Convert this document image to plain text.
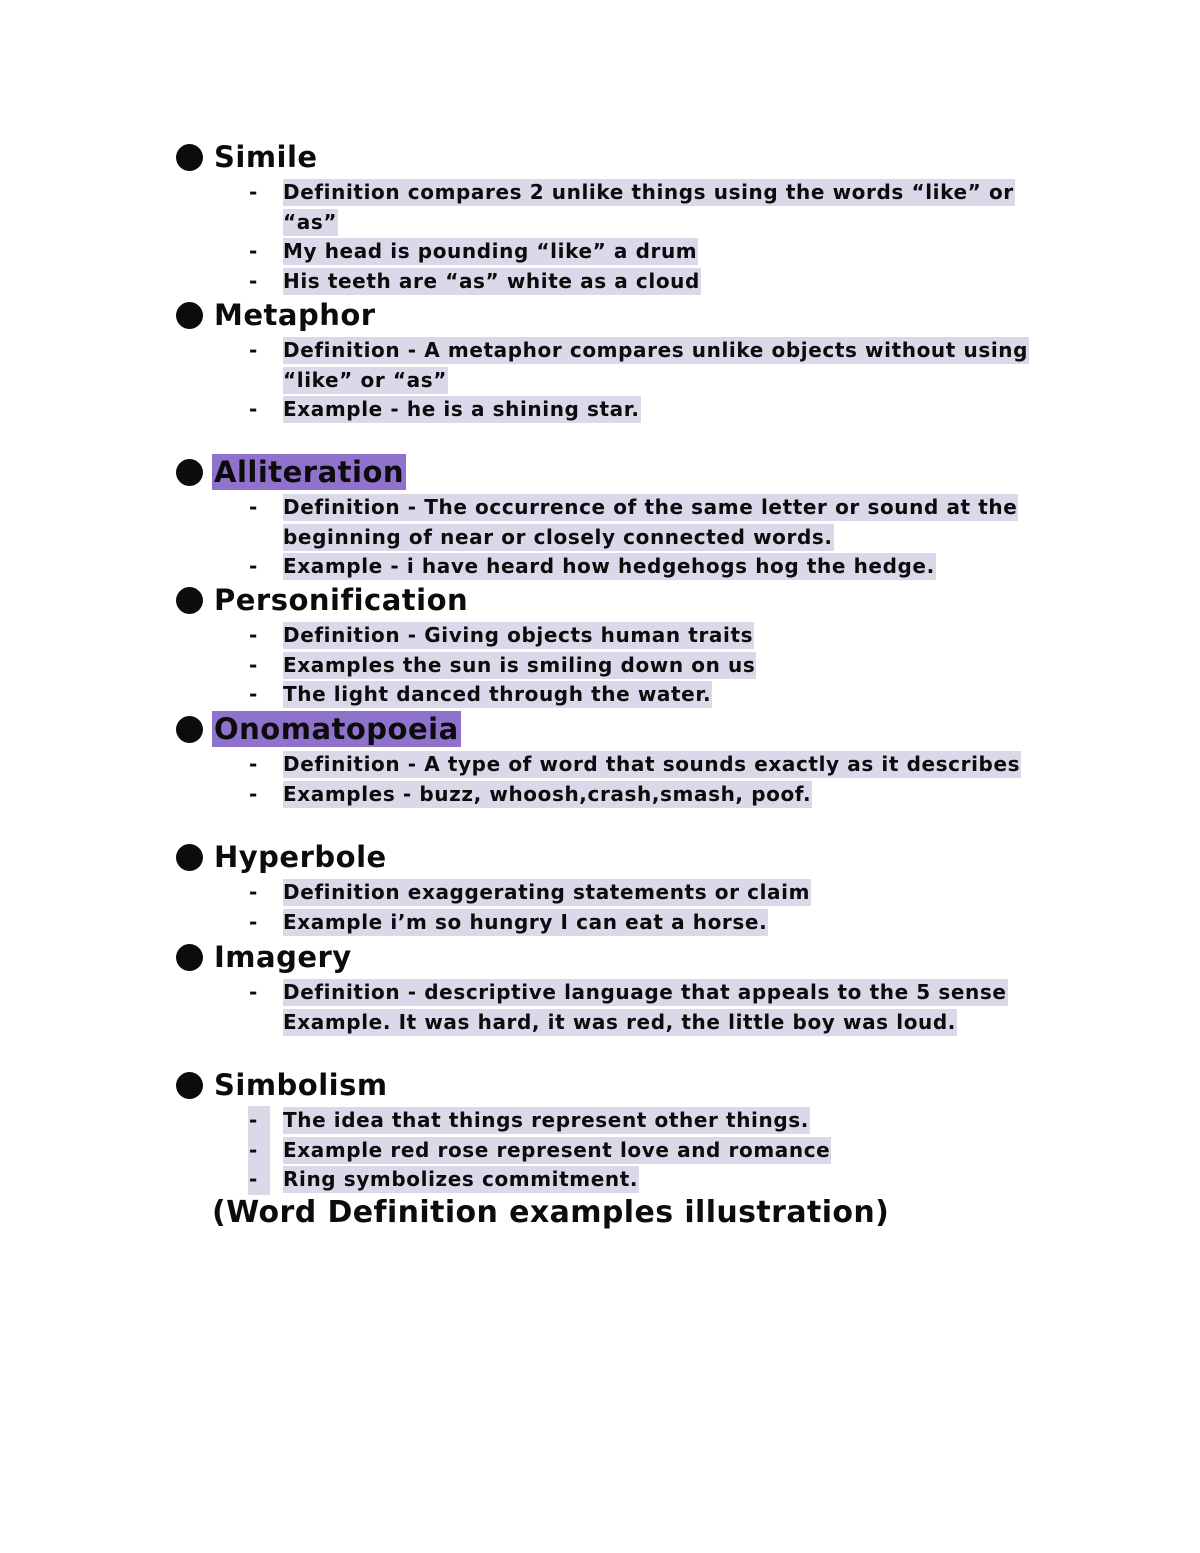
Simile
-	Definition compares 2 unlike things using the words “like” or “as”
-	My head is pounding “like” a drum
-	His teeth are “as” white as a cloud
Metaphor
-	Definition - A metaphor compares unlike objects without using “like” or “as”
-	Example - he is a shining star.
Alliteration
-	Definition - The occurrence of the same letter or sound at the beginning of near or closely connected words.
-	Example - i have heard how hedgehogs hog the hedge.
Personification
-	Definition - Giving objects human traits
-	Examples the sun is smiling down on us
-	The light danced through the water.
Onomatopoeia
-	Definition - A type of word that sounds exactly as it describes
-	Examples - buzz, whoosh,crash,smash, poof.
Hyperbole
-	Definition exaggerating statements or claim
-	Example i’m so hungry I can eat a horse.
Imagery
-	Definition - descriptive language that appeals to the 5 sense Example. It was hard, it was red, the little boy was loud.
Simbolism
-	The idea that things represent other things.
-	Example red rose represent love and romance
-	Ring symbolizes commitment.
(Word Definition examples illustration)
